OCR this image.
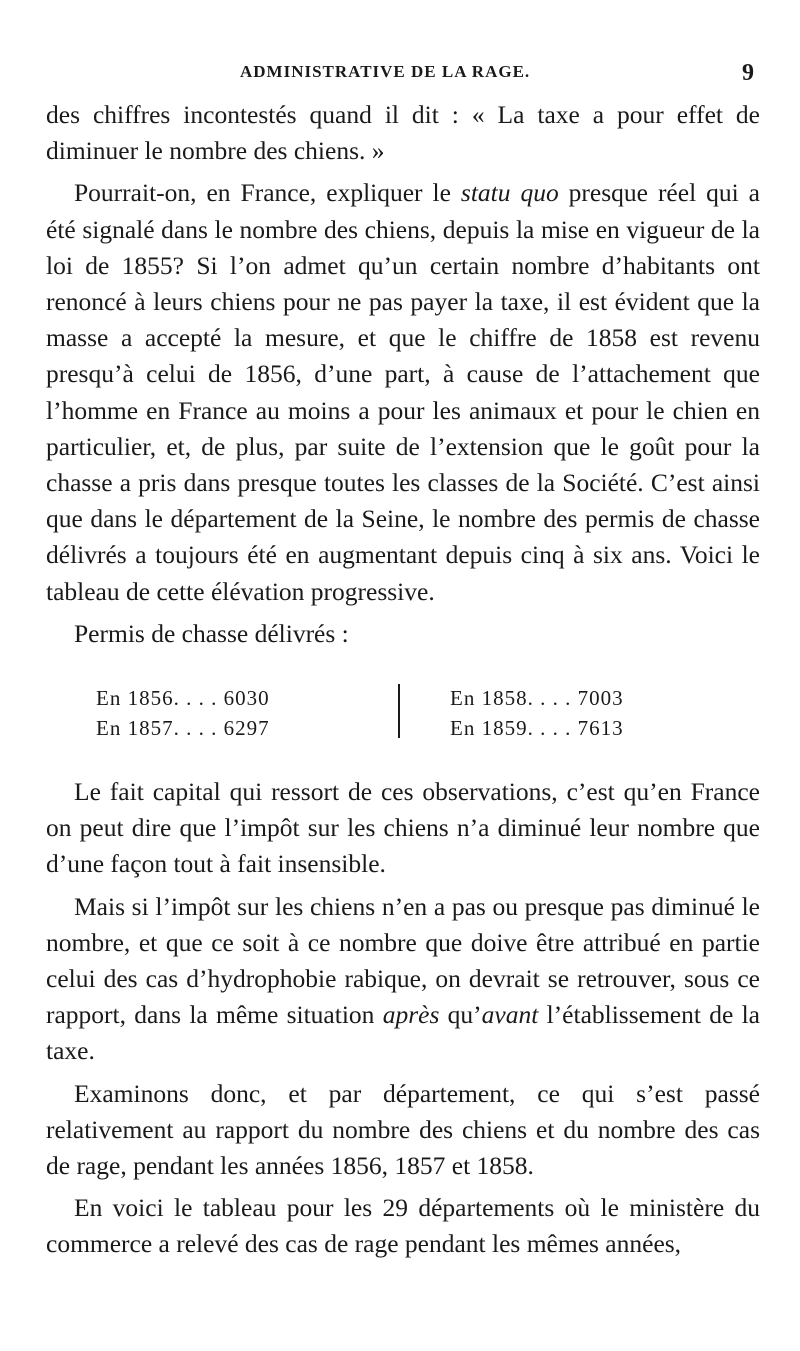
ADMINISTRATIVE DE LA RAGE.	9

des chiffres incontestés quand il dit : « La taxe a pour effet de diminuer le nombre des chiens. »

Pourrait-on, en France, expliquer le statu quo presque réel qui a été signalé dans le nombre des chiens, depuis la mise en vigueur de la loi de 1855? Si l’on admet qu’un certain nombre d’habitants ont renoncé à leurs chiens pour ne pas payer la taxe, il est évident que la masse a accepté la mesure, et que le chiffre de 1858 est revenu presqu’à celui de 1856, d’une part, à cause de l’attachement que l’homme en France au moins a pour les animaux et pour le chien en particulier, et, de plus, par suite de l’extension que le goût pour la chasse a pris dans presque toutes les classes de la Société. C’est ainsi que dans le département de la Seine, le nombre des permis de chasse délivrés a toujours été en augmentant depuis cinq à six ans. Voici le tableau de cette élévation progressive.

Permis de chasse délivrés :

En 1856. . . . 6030
En 1857. . . . 6297
En 1858. . . . 7003
En 1859. . . . 7613

Le fait capital qui ressort de ces observations, c’est qu’en France on peut dire que l’impôt sur les chiens n’a diminué leur nombre que d’une façon tout à fait insensible.

Mais si l’impôt sur les chiens n’en a pas ou presque pas diminué le nombre, et que ce soit à ce nombre que doive être attribué en partie celui des cas d’hydrophobie rabique, on devrait se retrouver, sous ce rapport, dans la même situation après qu’avant l’établissement de la taxe.

Examinons donc, et par département, ce qui s’est passé relativement au rapport du nombre des chiens et du nombre des cas de rage, pendant les années 1856, 1857 et 1858.

En voici le tableau pour les 29 départements où le ministère du commerce a relevé des cas de rage pendant les mêmes années,
